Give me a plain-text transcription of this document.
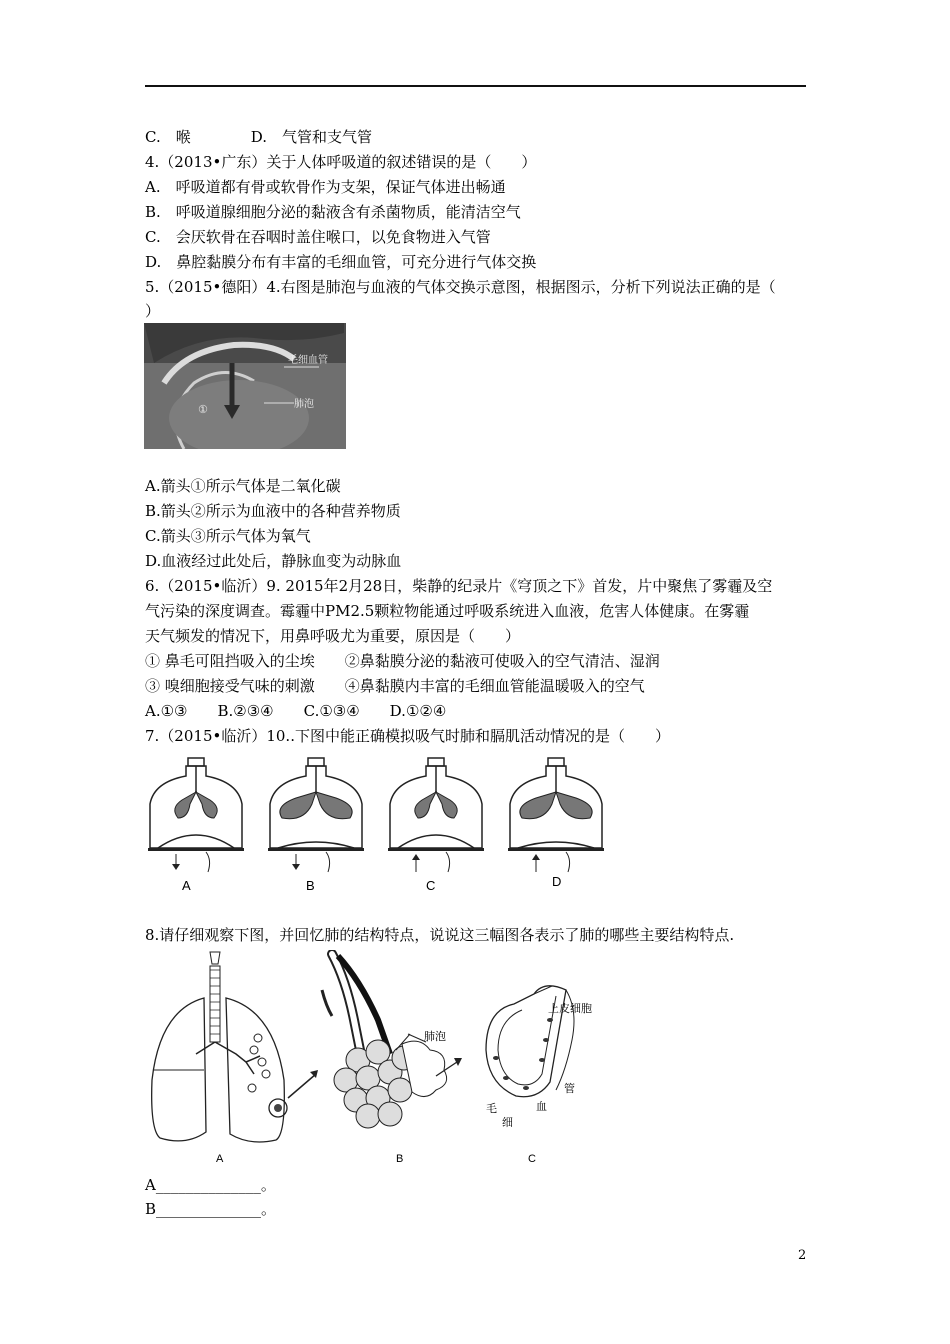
C.　喉	D.　气管和支气管
4.（2013•广东）关于人体呼吸道的叙述错误的是（　　）
A.　呼吸道都有骨或软骨作为支架，保证气体进出畅通
B.　呼吸道腺细胞分泌的黏液含有杀菌物质，能清洁空气
C.　会厌软骨在吞咽时盖住喉口，以免食物进入气管
D.　鼻腔黏膜分布有丰富的毛细血管，可充分进行气体交换
5.（2015•德阳）4.右图是肺泡与血液的气体交换示意图，根据图示，分析下列说法正确的是（
）
毛细血管
肺泡
①
A.箭头①所示气体是二氧化碳
B.箭头②所示为血液中的各种营养物质
C.箭头③所示气体为氧气
D.血液经过此处后，静脉血变为动脉血
6.（2015•临沂）9. 2015年2月28日，柴静的纪录片《穹顶之下》首发，片中聚焦了雾霾及空
气污染的深度调查。霉霾中PM2.5颗粒物能通过呼吸系统进入血液，危害人体健康。在雾霾
天气频发的情况下，用鼻呼吸尤为重要，原因是（　　）
① 鼻毛可阻挡吸入的尘埃 ②鼻黏膜分泌的黏液可使吸入的空气清洁、湿润
③ 嗅细胞接受气味的刺激 ④鼻黏膜内丰富的毛细血管能温暖吸入的空气
A.①③　　B.②③④　　C.①③④　　D.①②④
7.（2015•临沂）10..下图中能正确模拟吸气时肺和膈肌活动情况的是（　　）
A	B	C	D
8.请仔细观察下图，并回忆肺的结构特点，说说这三幅图各表示了肺的哪些主要结构特点.
A
肺泡
B
上皮细胞
管
毛
细
血
C
A______________。
B______________。
2
